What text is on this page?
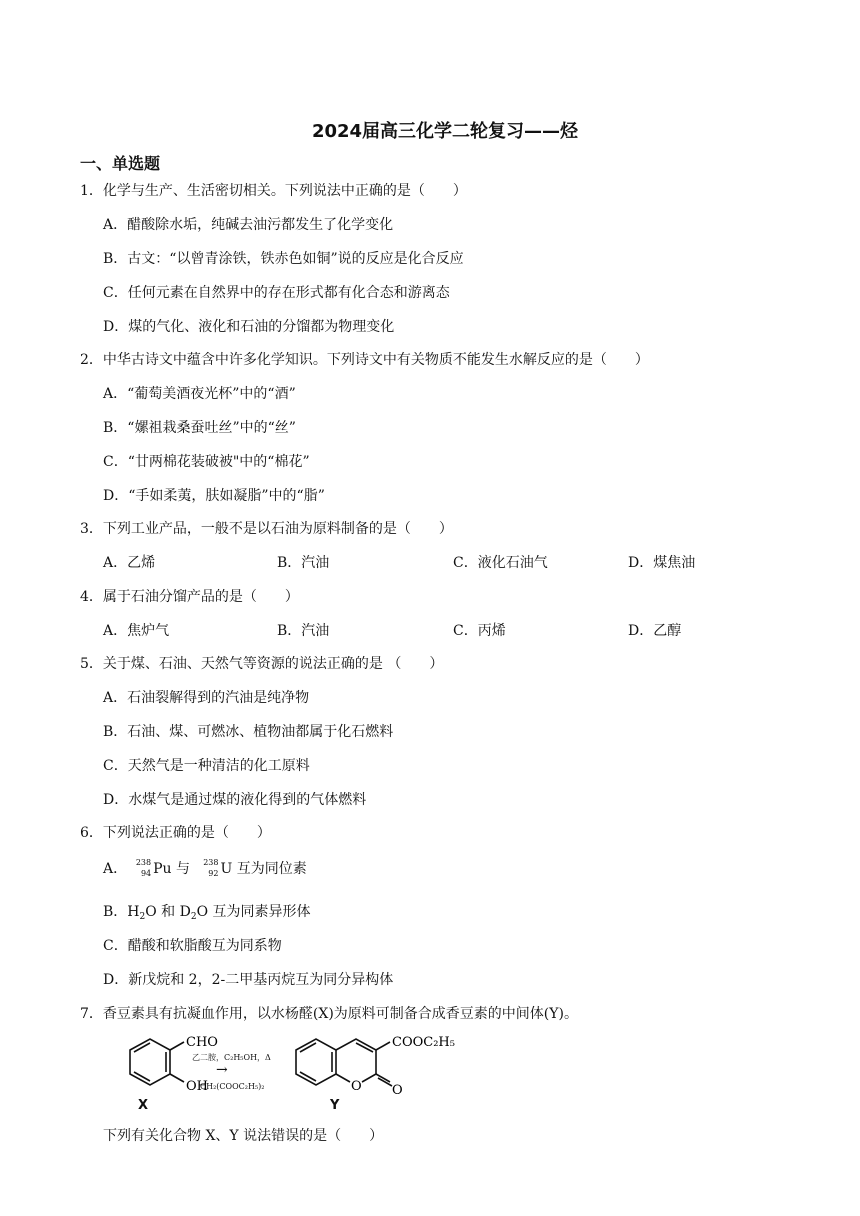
2024届高三化学二轮复习——烃
一、单选题
1．化学与生产、生活密切相关。下列说法中正确的是（　　）
A．醋酸除水垢，纯碱去油污都发生了化学变化
B．古文：“以曾青涂铁，铁赤色如铜”说的反应是化合反应
C．任何元素在自然界中的存在形式都有化合态和游离态
D．煤的气化、液化和石油的分馏都为物理变化
2．中华古诗文中蕴含中许多化学知识。下列诗文中有关物质不能发生水解反应的是（　　）
A．“葡萄美酒夜光杯”中的“酒”
B．“嫘祖栽桑蚕吐丝”中的“丝”
C．“廿两棉花装破被"中的“棉花”
D．“手如柔荑，肤如凝脂”中的“脂”
3．下列工业产品，一般不是以石油为原料制备的是（　　）
A．乙烯	B．汽油	C．液化石油气	D．煤焦油
4．属于石油分馏产品的是（　　）
A．焦炉气	B．汽油	C．丙烯	D．乙醇
5．关于煤、石油、天然气等资源的说法正确的是 （　　）
A．石油裂解得到的汽油是纯净物
B．石油、煤、可燃冰、植物油都属于化石燃料
C．天然气是一种清洁的化工原料
D．水煤气是通过煤的液化得到的气体燃料
6．下列说法正确的是（　　）
A． 238
94 Pu 与 238
92 U 互为同位素
B．$H_2O$ 和 $D_2O$ 互为同素异形体
C．醋酸和软脂酸互为同系物
D．新戊烷和 2，2-二甲基丙烷互为同分异构体
7．香豆素具有抗凝血作用，以水杨醛(X)为原料可制备合成香豆素的中间体(Y)。
CHO
OH
COOC₂H₅
O O
乙二胺，C₂H₅OH，Δ
→
CH₂(COOC₂H₅)₂
X	Y
下列有关化合物 X、Y 说法错误的是（　　）
